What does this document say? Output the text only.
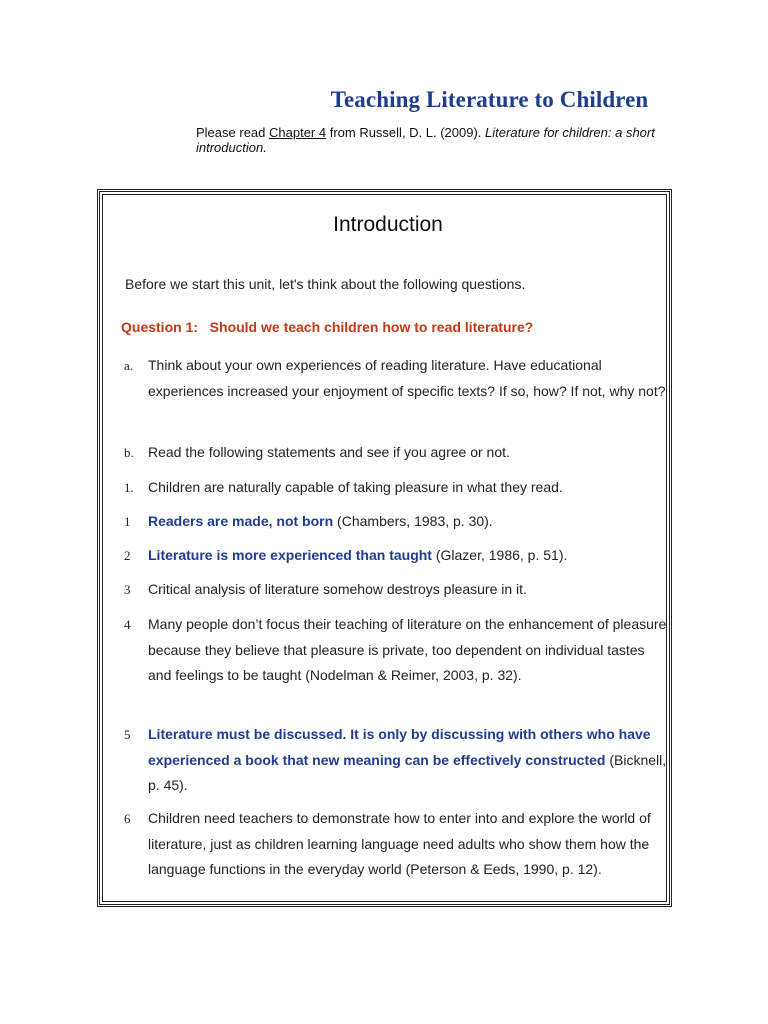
Teaching Literature to Children
Please read Chapter 4 from Russell, D. L. (2009). Literature for children: a short introduction.
Introduction
Before we start this unit, let's think about the following questions.
Question 1:   Should we teach children how to read literature?
a.	Think about your own experiences of reading literature. Have educational experiences increased your enjoyment of specific texts? If so, how? If not, why not?
b.	Read the following statements and see if you agree or not.
1.	Children are naturally capable of taking pleasure in what they read.
1	Readers are made, not born (Chambers, 1983, p. 30).
2	Literature is more experienced than taught (Glazer, 1986, p. 51).
3	Critical analysis of literature somehow destroys pleasure in it.
4	Many people don’t focus their teaching of literature on the enhancement of pleasure because they believe that pleasure is private, too dependent on individual tastes and feelings to be taught (Nodelman & Reimer, 2003, p. 32).
5	Literature must be discussed. It is only by discussing with others who have experienced a book that new meaning can be effectively constructed (Bicknell, p. 45).
6	Children need teachers to demonstrate how to enter into and explore the world of literature, just as children learning language need adults who show them how the language functions in the everyday world (Peterson & Eeds, 1990, p. 12).
